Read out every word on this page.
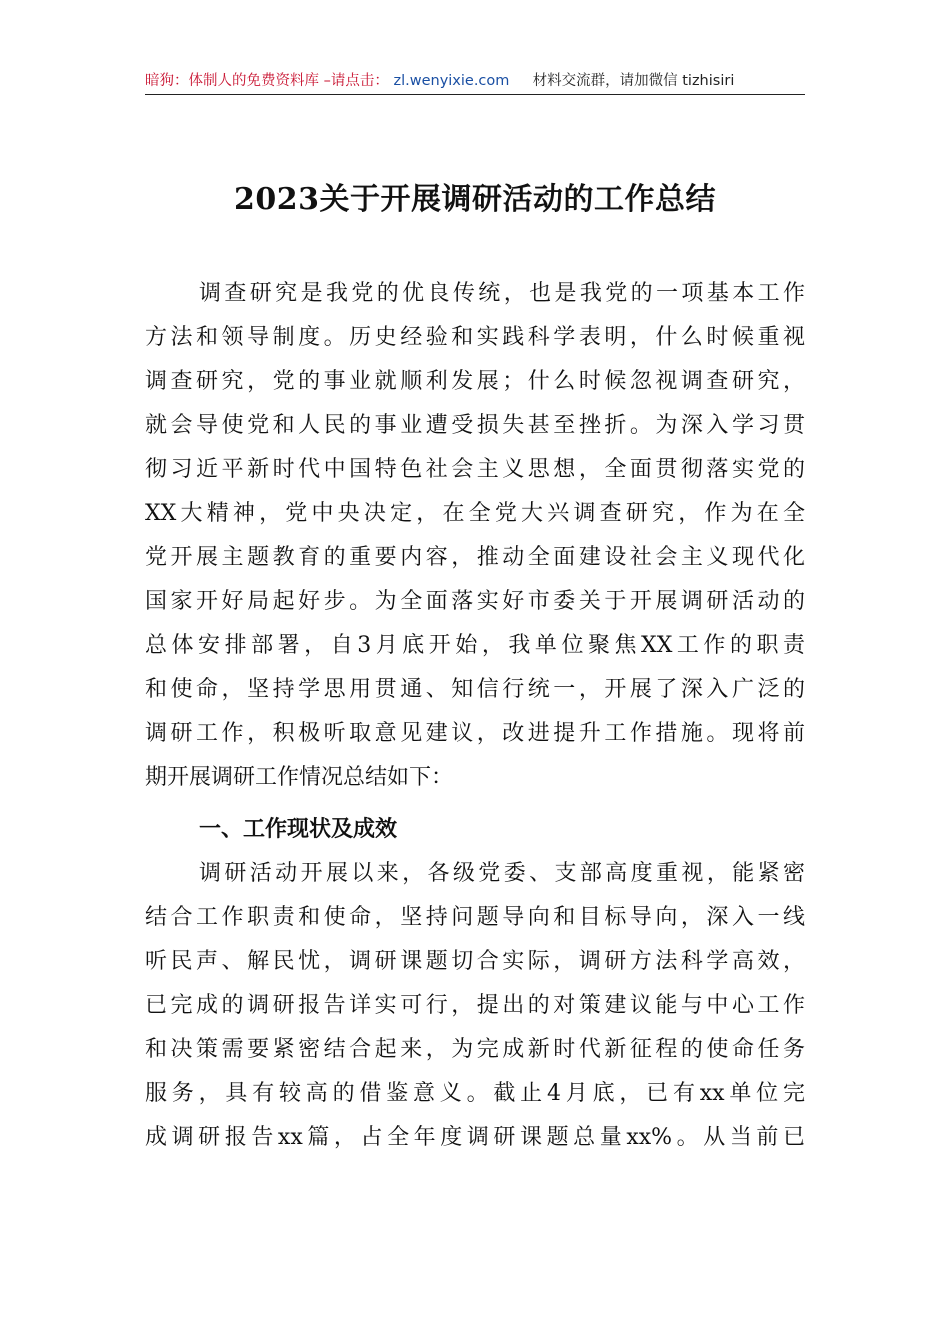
暗狗：体制人的免费资料库 –请点击： zl.wenyixie.com 材料交流群，请加微信 tizhisiri
2023关于开展调研活动的工作总结
调查研究是我党的优良传统，也是我党的一项基本工作
方法和领导制度。历史经验和实践科学表明，什么时候重视
调查研究，党的事业就顺利发展；什么时候忽视调查研究，
就会导使党和人民的事业遭受损失甚至挫折。为深入学习贯
彻习近平新时代中国特色社会主义思想，全面贯彻落实党的
XX大精神，党中央决定，在全党大兴调查研究，作为在全
党开展主题教育的重要内容，推动全面建设社会主义现代化
国家开好局起好步。为全面落实好市委关于开展调研活动的
总体安排部署，自3月底开始，我单位聚焦XX工作的职责
和使命，坚持学思用贯通、知信行统一，开展了深入广泛的
调研工作，积极听取意见建议，改进提升工作措施。现将前
期开展调研工作情况总结如下：
一、工作现状及成效
调研活动开展以来，各级党委、支部高度重视，能紧密
结合工作职责和使命，坚持问题导向和目标导向，深入一线
听民声、解民忧，调研课题切合实际，调研方法科学高效，
已完成的调研报告详实可行，提出的对策建议能与中心工作
和决策需要紧密结合起来，为完成新时代新征程的使命任务
服务，具有较高的借鉴意义。截止4月底，已有xx单位完
成调研报告xx篇，占全年度调研课题总量xx%。从当前已
